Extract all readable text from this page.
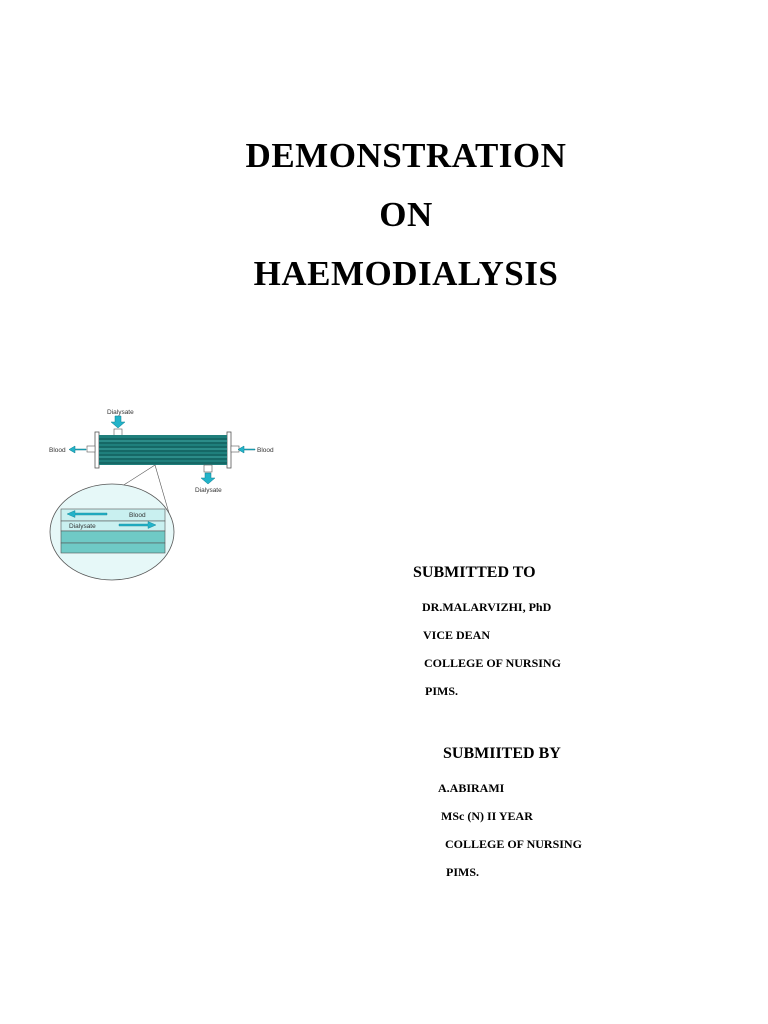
DEMONSTRATION
ON
HAEMODIALYSIS
Dialysate
Blood	Blood
Dialysate
Blood
Dialysate
SUBMITTED TO
DR.MALARVIZHI, PhD
VICE DEAN
COLLEGE OF NURSING
PIMS.
SUBMIITED BY
A.ABIRAMI
MSc (N) II YEAR
COLLEGE OF NURSING
PIMS.
